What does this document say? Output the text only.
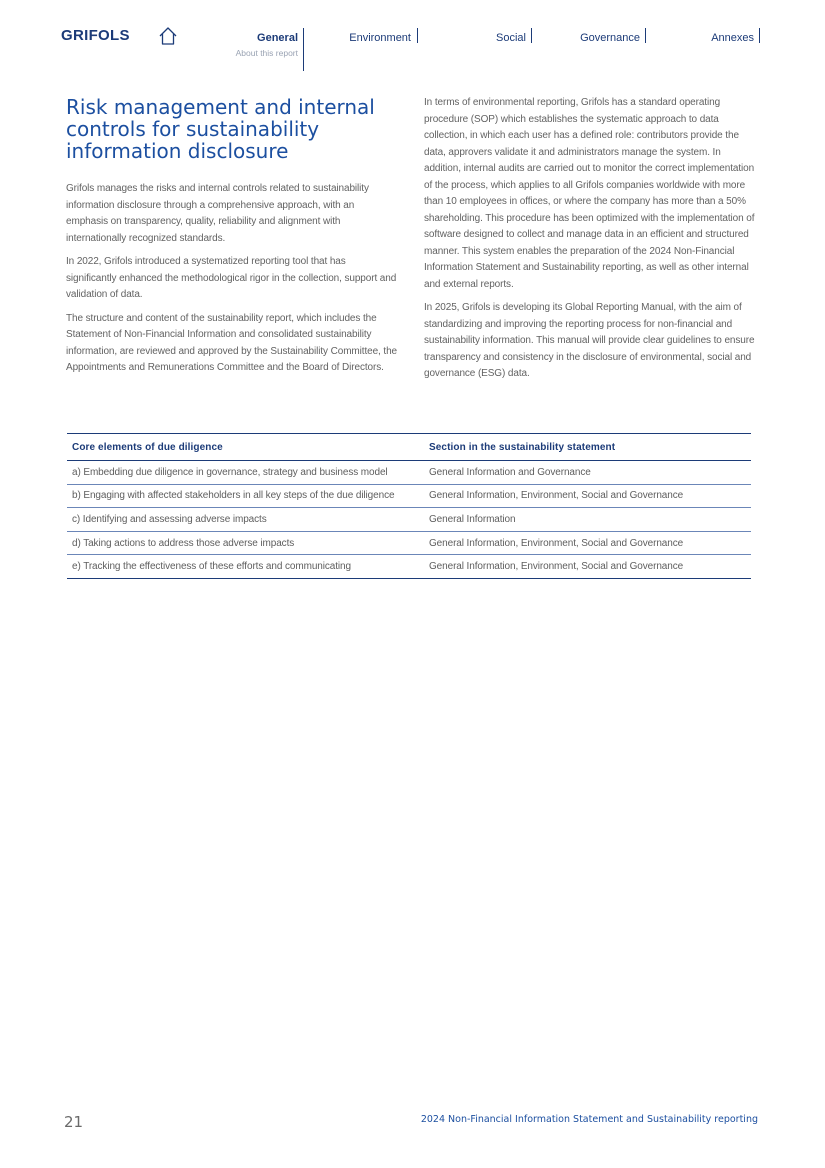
GRIFOLS	General
About this report
Environment	Social	Governance	Annexes
Risk management and internal controls for sustainability information disclosure

Grifols manages the risks and internal controls related to sustainability information disclosure through a comprehensive approach, with an emphasis on transparency, quality, reliability and alignment with internationally recognized standards.

In 2022, Grifols introduced a systematized reporting tool that has significantly enhanced the methodological rigor in the collection, support and validation of data.

The structure and content of the sustainability report, which includes the Statement of Non-Financial Information and consolidated sustainability information, are reviewed and approved by the Sustainability Committee, the Appointments and Remunerations Committee and the Board of Directors.

In terms of environmental reporting, Grifols has a standard operating procedure (SOP) which establishes the systematic approach to data collection, in which each user has a defined role: contributors provide the data, approvers validate it and administrators manage the system. In addition, internal audits are carried out to monitor the correct implementation of the process, which applies to all Grifols companies worldwide with more than 10 employees in offices, or where the company has more than a 50% shareholding. This procedure has been optimized with the implementation of software designed to collect and manage data in an efficient and structured manner. This system enables the preparation of the 2024 Non-Financial Information Statement and Sustainability reporting, as well as other internal and external reports.

In 2025, Grifols is developing its Global Reporting Manual, with the aim of standardizing and improving the reporting process for non-financial and sustainability information. This manual will provide clear guidelines to ensure transparency and consistency in the disclosure of environmental, social and governance (ESG) data.

Core elements of due diligence	Section in the sustainability statement
a) Embedding due diligence in governance, strategy and business model	General Information and Governance
b) Engaging with affected stakeholders in all key steps of the due diligence	General Information, Environment, Social and Governance
c) Identifying and assessing adverse impacts	General Information
d) Taking actions to address those adverse impacts	General Information, Environment, Social and Governance
e) Tracking the effectiveness of these efforts and communicating	General Information, Environment, Social and Governance
21	2024 Non-Financial Information Statement and Sustainability reporting
